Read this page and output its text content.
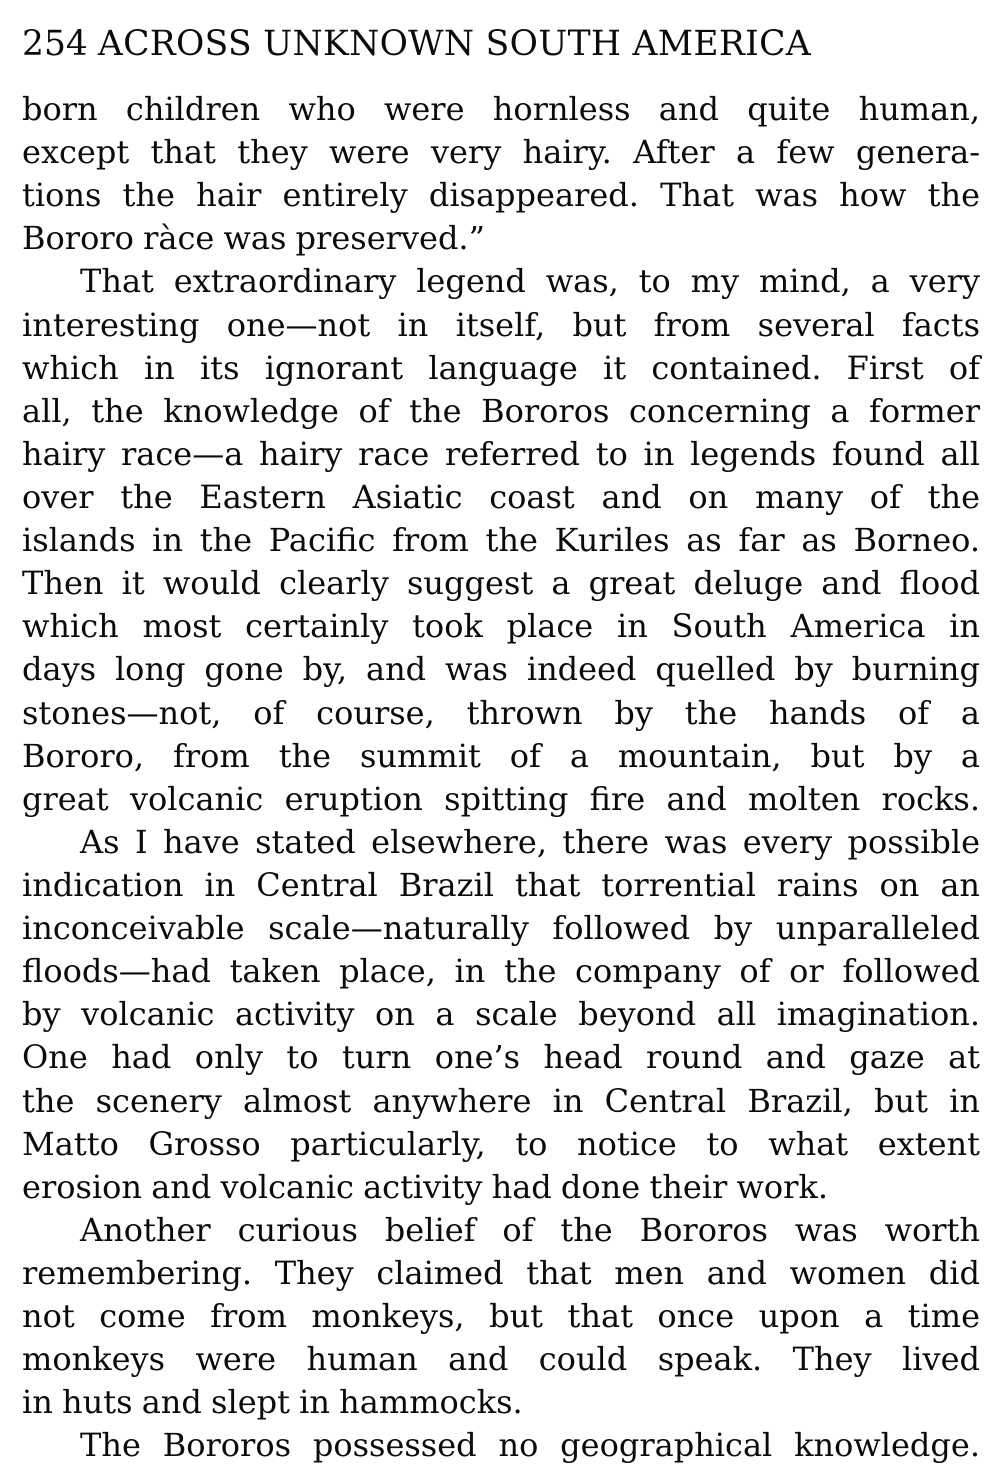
254 ACROSS UNKNOWN SOUTH AMERICA
born children who were hornless and quite human,
except that they were very hairy. After a few genera-
tions the hair entirely disappeared. That was how the
Bororo ràce was preserved.”
That extraordinary legend was, to my mind, a very
interesting one—not in itself, but from several facts
which in its ignorant language it contained. First of
all, the knowledge of the Bororos concerning a former
hairy race—a hairy race referred to in legends found all
over the Eastern Asiatic coast and on many of the
islands in the Pacific from the Kuriles as far as Borneo.
Then it would clearly suggest a great deluge and flood
which most certainly took place in South America in
days long gone by, and was indeed quelled by burning
stones—not, of course, thrown by the hands of a
Bororo, from the summit of a mountain, but by a
great volcanic eruption spitting fire and molten rocks.
As I have stated elsewhere, there was every possible
indication in Central Brazil that torrential rains on an
inconceivable scale—naturally followed by unparalleled
floods—had taken place, in the company of or followed
by volcanic activity on a scale beyond all imagination.
One had only to turn one’s head round and gaze at
the scenery almost anywhere in Central Brazil, but in
Matto Grosso particularly, to notice to what extent
erosion and volcanic activity had done their work.
Another curious belief of the Bororos was worth
remembering. They claimed that men and women did
not come from monkeys, but that once upon a time
monkeys were human and could speak. They lived
in huts and slept in hammocks.
The Bororos possessed no geographical knowledge.
